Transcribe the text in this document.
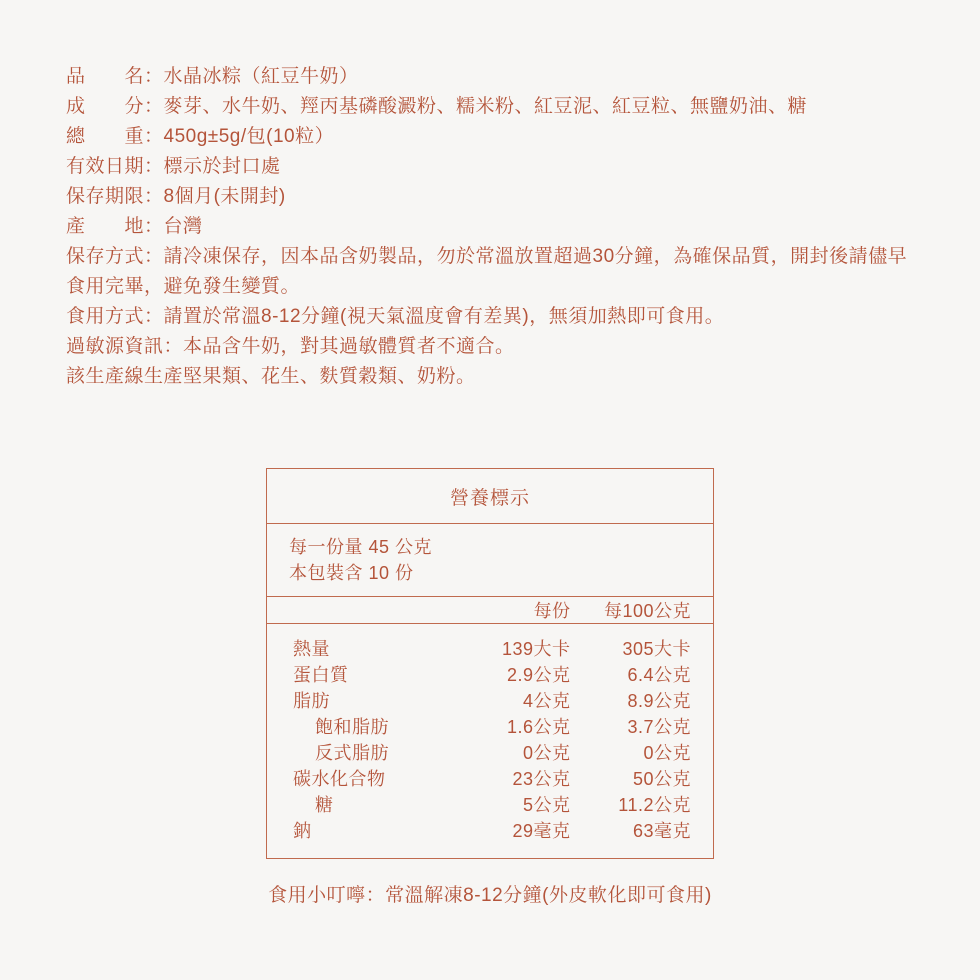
品　　名：水晶冰粽（紅豆牛奶）
成　　分：麥芽、水牛奶、羥丙基磷酸澱粉、糯米粉、紅豆泥、紅豆粒、無鹽奶油、糖
總　　重：450g±5g/包(10粒）
有效日期：標示於封口處
保存期限：8個月(未開封)
產　　地：台灣
保存方式：請冷凍保存，因本品含奶製品，勿於常溫放置超過30分鐘，為確保品質，開封後請儘早食用完畢，避免發生變質。
食用方式：請置於常溫8-12分鐘(視天氣溫度會有差異)，無須加熱即可食用。
過敏源資訊：本品含牛奶，對其過敏體質者不適合。
該生產線生產堅果類、花生、麩質穀類、奶粉。
營養標示
每一份量 45 公克
本包裝含 10 份
	每份	每100公克
熱量	139大卡	305大卡
蛋白質	2.9公克	6.4公克
脂肪	4公克	8.9公克
飽和脂肪	1.6公克	3.7公克
反式脂肪	0公克	0公克
碳水化合物	23公克	50公克
糖	5公克	11.2公克
鈉	29毫克	63毫克
食用小叮嚀：常溫解凍8-12分鐘(外皮軟化即可食用)
